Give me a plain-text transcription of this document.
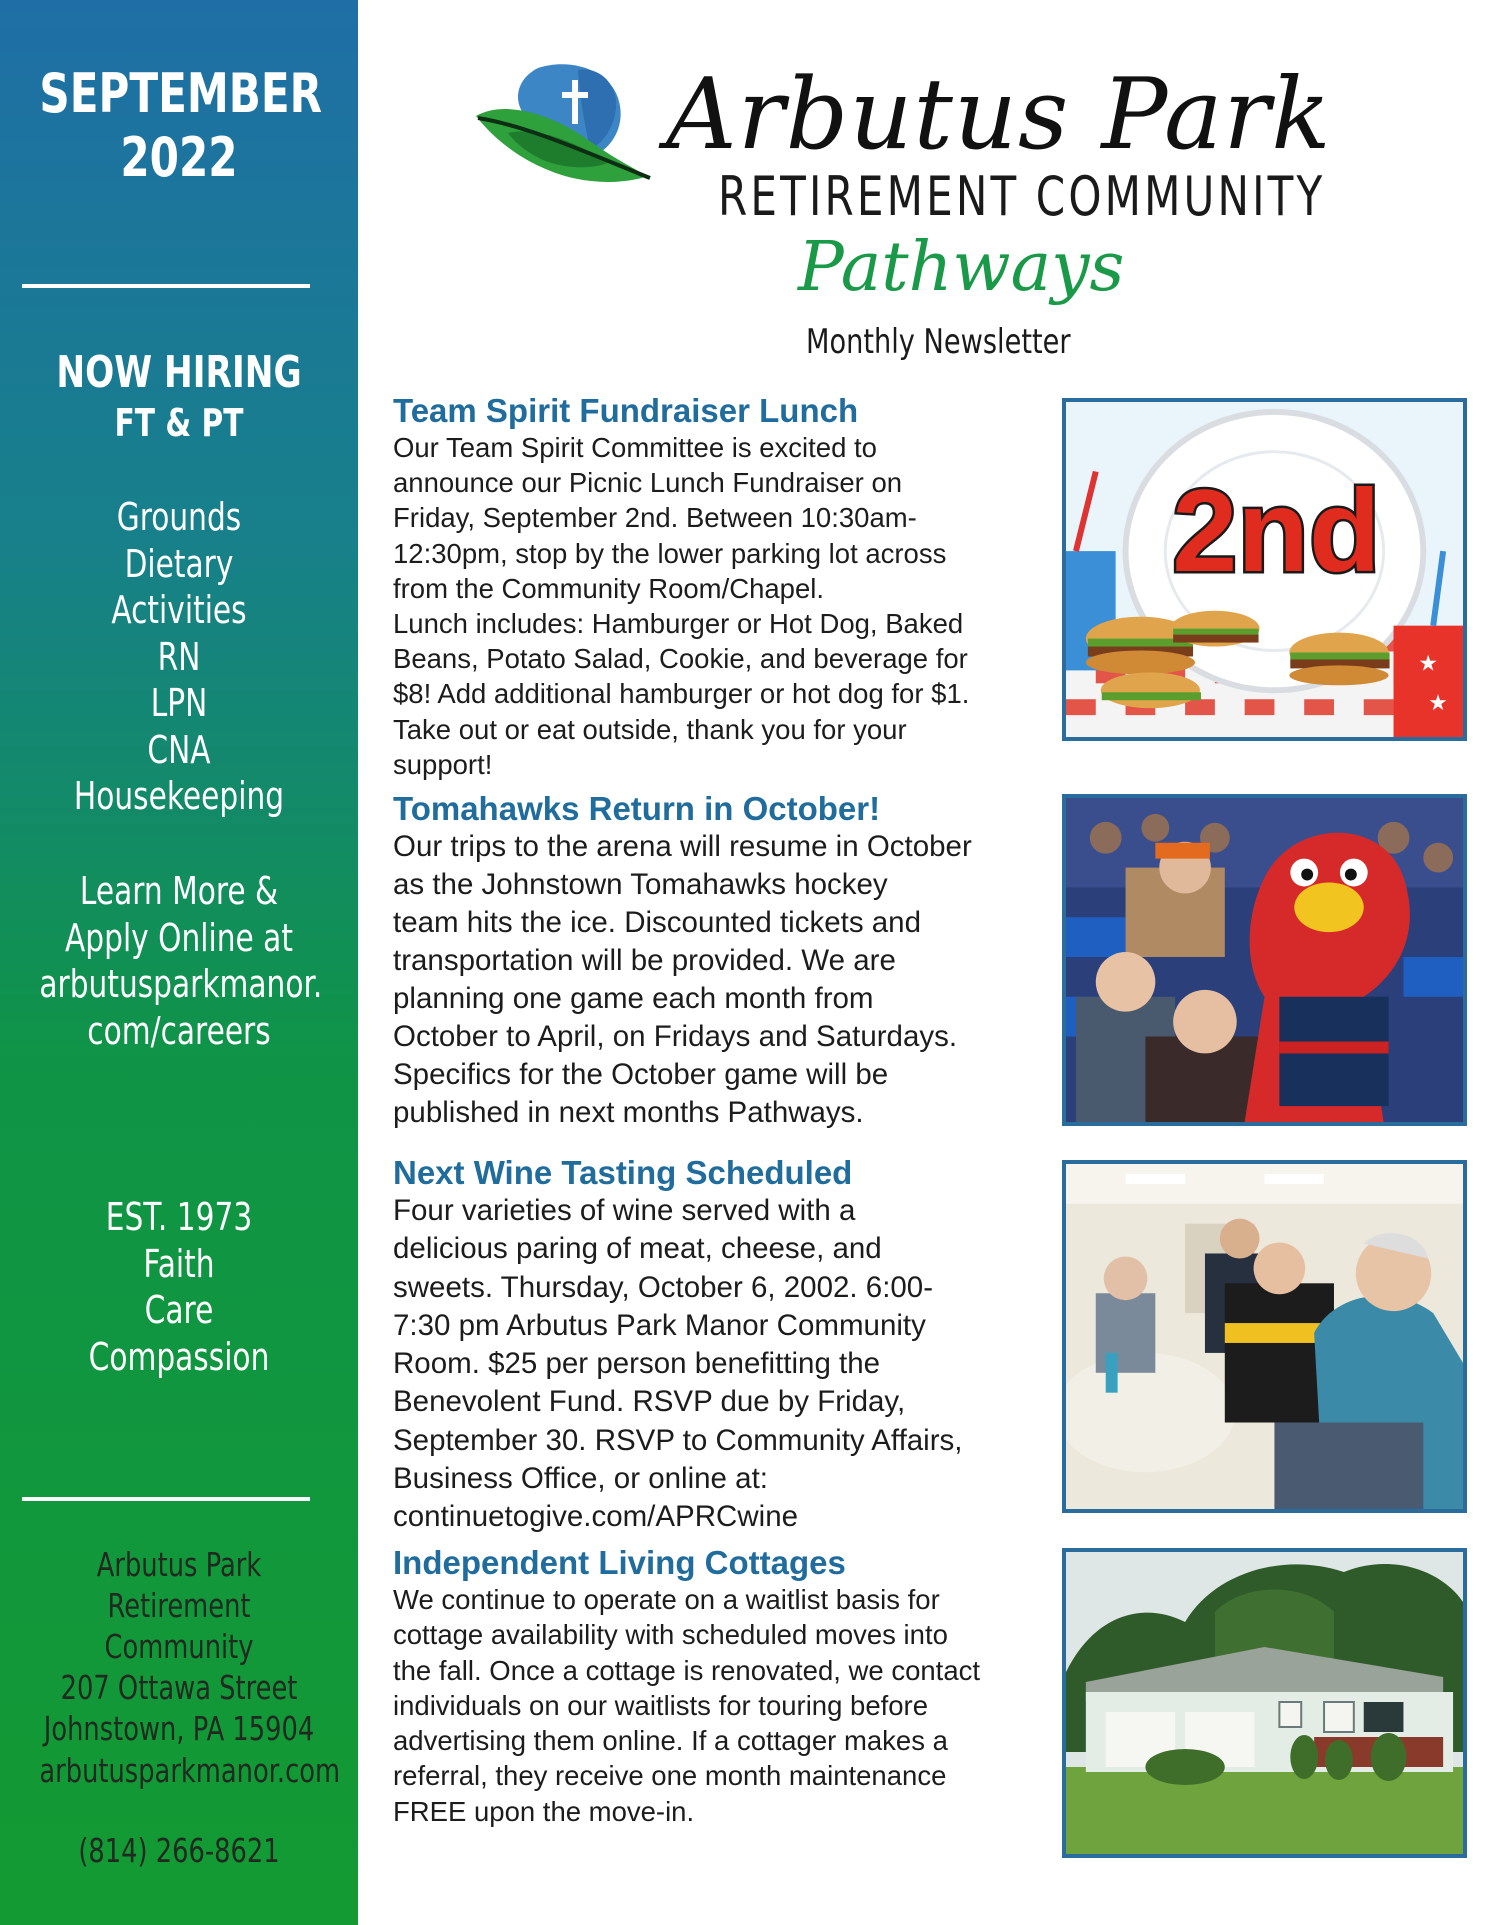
SEPTEMBER
2022
NOW HIRING
FT & PT
Grounds
Dietary
Activities
RN
LPN
CNA
Housekeeping
Learn More &
Apply Online at
arbutusparkmanor.
com/careers
EST. 1973
Faith
Care
Compassion
Arbutus Park
Retirement Community
207 Ottawa Street
Johnstown, PA 15904
arbutusparkmanor.com
(814) 266-8621
Arbutus Park
RETIREMENT COMMUNITY
Pathways
Monthly Newsletter
Team Spirit Fundraiser Lunch

Our Team Spirit Committee is excited to

announce our Picnic Lunch Fundraiser on

Friday, September 2nd. Between 10:30am-

12:30pm, stop by the lower parking lot across

from the Community Room/Chapel.

Lunch includes: Hamburger or Hot Dog, Baked

Beans, Potato Salad, Cookie, and beverage for

$8! Add additional hamburger or hot dog for $1.

Take out or eat outside, thank you for your

support!

Tomahawks Return in October!

Our trips to the arena will resume in October

as the Johnstown Tomahawks hockey

team hits the ice. Discounted tickets and

transportation will be provided. We are

planning one game each month from

October to April, on Fridays and Saturdays.

Specifics for the October game will be

published in next months Pathways.

Next Wine Tasting Scheduled

Four varieties of wine served with a

delicious paring of meat, cheese, and

sweets. Thursday, October 6, 2002. 6:00-

7:30 pm Arbutus Park Manor Community

Room. $25 per person benefitting the

Benevolent Fund. RSVP due by Friday,

September 30. RSVP to Community Affairs,

Business Office, or online at:

continuetogive.com/APRCwine

Independent Living Cottages

We continue to operate on a waitlist basis for

cottage availability with scheduled moves into

the fall. Once a cottage is renovated, we contact

individuals on our waitlists for touring before

advertising them online. If a cottager makes a

referral, they receive one month maintenance

FREE upon the move-in.

★
★
2nd
